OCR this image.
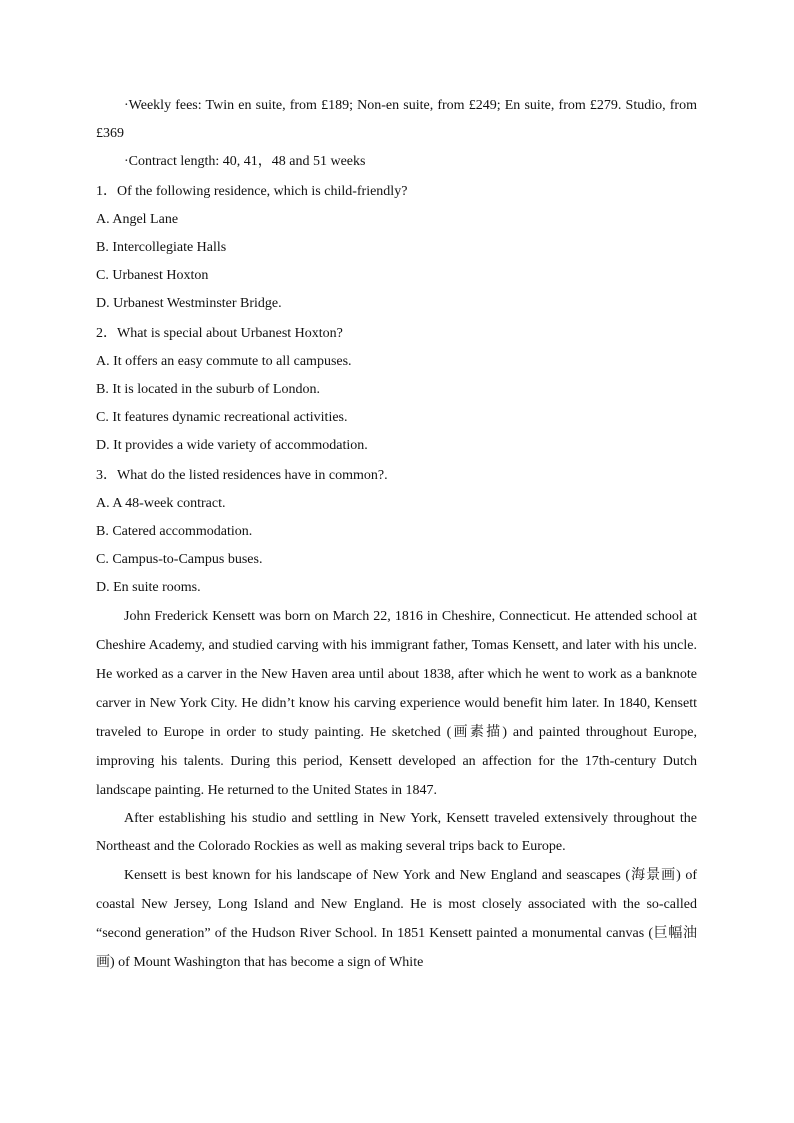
·Weekly fees: Twin en suite, from £189; Non-en suite, from £249; En suite, from £279. Studio, from £369

·Contract length: 40, 41，48 and 51 weeks

1．Of the following residence, which is child-friendly?

A. Angel Lane

B. Intercollegiate Halls

C. Urbanest Hoxton

D. Urbanest Westminster Bridge.

2．What is special about Urbanest Hoxton?

A. It offers an easy commute to all campuses.

B. It is located in the suburb of London.

C. It features dynamic recreational activities.

D. It provides a wide variety of accommodation.

3．What do the listed residences have in common?.

A. A 48-week contract.

B. Catered accommodation.

C. Campus-to-Campus buses.

D. En suite rooms.

John Frederick Kensett was born on March 22, 1816 in Cheshire, Connecticut. He attended school at Cheshire Academy, and studied carving with his immigrant father, Tomas Kensett, and later with his uncle. He worked as a carver in the New Haven area until about 1838, after which he went to work as a banknote carver in New York City. He didn’t know his carving experience would benefit him later. In 1840, Kensett traveled to Europe in order to study painting. He sketched (画素描) and painted throughout Europe, improving his talents. During this period, Kensett developed an affection for the 17th-century Dutch landscape painting. He returned to the United States in 1847.

After establishing his studio and settling in New York, Kensett traveled extensively throughout the Northeast and the Colorado Rockies as well as making several trips back to Europe.

Kensett is best known for his landscape of New York and New England and seascapes (海景画) of coastal New Jersey, Long Island and New England. He is most closely associated with the so-called “second generation” of the Hudson River School. In 1851 Kensett painted a monumental canvas (巨幅油画) of Mount Washington that has become a sign of White
